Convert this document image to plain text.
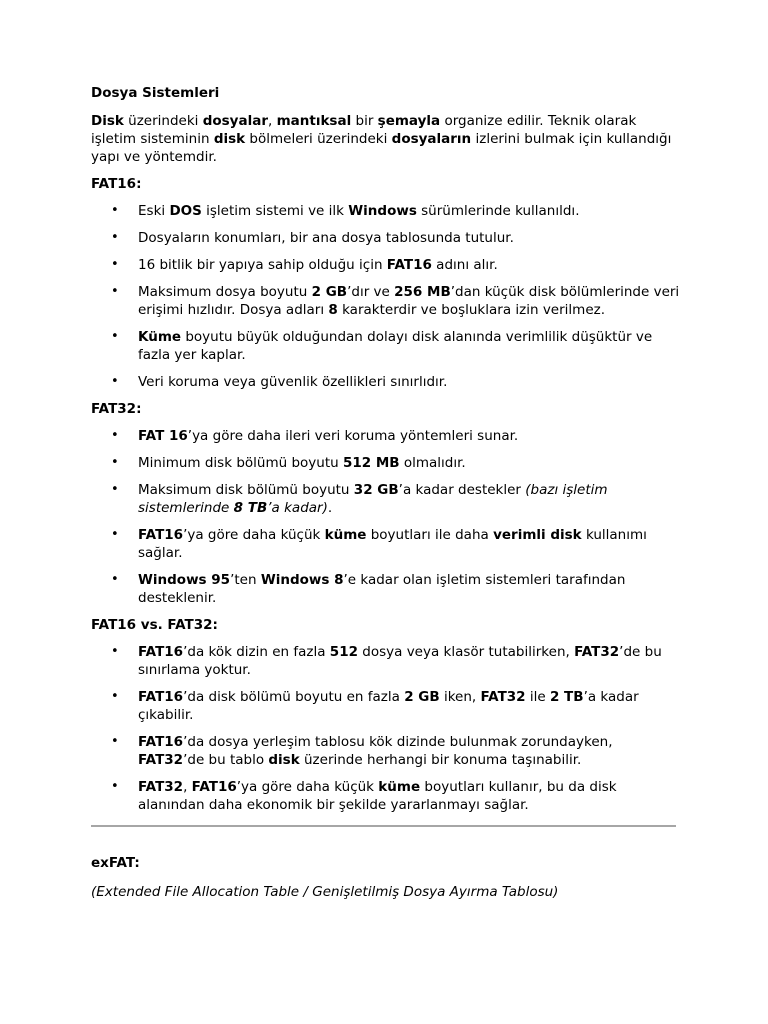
Dosya Sistemleri

Disk üzerindeki dosyalar, mantıksal bir şemayla organize edilir. Teknik olarak işletim sisteminin disk bölmeleri üzerindeki dosyaların izlerini bulmak için kullandığı yapı ve yöntemdir.

FAT16:

• Eski DOS işletim sistemi ve ilk Windows sürümlerinde kullanıldı.
• Dosyaların konumları, bir ana dosya tablosunda tutulur.
• 16 bitlik bir yapıya sahip olduğu için FAT16 adını alır.
• Maksimum dosya boyutu 2 GB’dır ve 256 MB’dan küçük disk bölümlerinde veri erişimi hızlıdır. Dosya adları 8 karakterdir ve boşluklara izin verilmez.
• Küme boyutu büyük olduğundan dolayı disk alanında verimlilik düşüktür ve fazla yer kaplar.
• Veri koruma veya güvenlik özellikleri sınırlıdır.

FAT32:

• FAT 16’ya göre daha ileri veri koruma yöntemleri sunar.
• Minimum disk bölümü boyutu 512 MB olmalıdır.
• Maksimum disk bölümü boyutu 32 GB’a kadar destekler (bazı işletim sistemlerinde 8 TB’a kadar).
• FAT16’ya göre daha küçük küme boyutları ile daha verimli disk kullanımı sağlar.
• Windows 95’ten Windows 8’e kadar olan işletim sistemleri tarafından desteklenir.

FAT16 vs. FAT32:

• FAT16’da kök dizin en fazla 512 dosya veya klasör tutabilirken, FAT32’de bu sınırlama yoktur.
• FAT16’da disk bölümü boyutu en fazla 2 GB iken, FAT32 ile 2 TB’a kadar çıkabilir.
• FAT16’da dosya yerleşim tablosu kök dizinde bulunmak zorundayken, FAT32’de bu tablo disk üzerinde herhangi bir konuma taşınabilir.
• FAT32, FAT16’ya göre daha küçük küme boyutları kullanır, bu da disk alanından daha ekonomik bir şekilde yararlanmayı sağlar.

exFAT:

(Extended File Allocation Table / Genişletilmiş Dosya Ayırma Tablosu)
